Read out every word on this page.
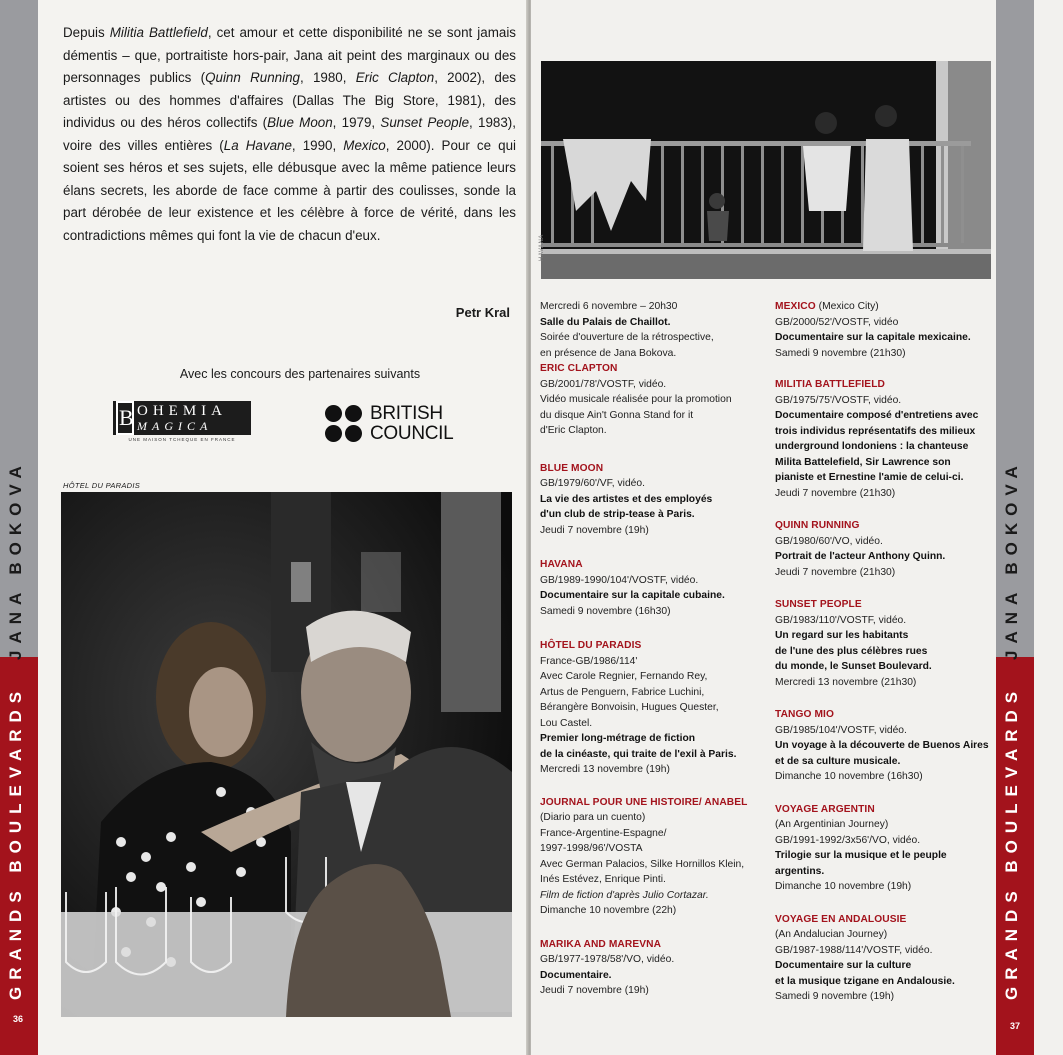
GRANDS BOULEVARDS
JANA BOKOVA
36
Depuis Militia Battlefield, cet amour et cette disponibilité ne se sont jamais démentis – que, portraitiste hors-pair, Jana ait peint des marginaux ou des personnages publics (Quinn Running, 1980, Eric Clapton, 2002), des artistes ou des hommes d'affaires (Dallas The Big Store, 1981), des individus ou des héros collectifs (Blue Moon, 1979, Sunset People, 1983), voire des villes entières (La Havane, 1990, Mexico, 2000). Pour ce qui soient ses héros et ses sujets, elle débusque avec la même patience leurs élans secrets, les aborde de face comme à partir des coulisses, sonde la part dérobée de leur existence et les célèbre à force de vérité, dans les contradictions mêmes qui font la vie de chacun d'eux.
Petr Kral
Avec les concours des partenaires suivants
B OHEMIA
MAGICA
UNE MAISON TCHEQUE EN FRANCE
BRITISH
COUNCIL
HÔTEL DU PARADIS
GRANDS BOULEVARDS
JANA BOKOVA
37
HAVANA
Mercredi 6 novembre – 20h30
Salle du Palais de Chaillot.
Soirée d'ouverture de la rétrospective,
en présence de Jana Bokova.
ERIC CLAPTON
GB/2001/78'/VOSTF, vidéo.
Vidéo musicale réalisée pour la promotion
du disque Ain't Gonna Stand for it
d'Eric Clapton.
BLUE MOON
GB/1979/60'/VF, vidéo.
La vie des artistes et des employés
d'un club de strip-tease à Paris.
Jeudi 7 novembre (19h)
HAVANA
GB/1989-1990/104'/VOSTF, vidéo.
Documentaire sur la capitale cubaine.
Samedi 9 novembre (16h30)
HÔTEL DU PARADIS
France-GB/1986/114'
Avec Carole Regnier, Fernando Rey,
Artus de Penguern, Fabrice Luchini,
Bérangère Bonvoisin, Hugues Quester,
Lou Castel.
Premier long-métrage de fiction
de la cinéaste, qui traite de l'exil à Paris.
Mercredi 13 novembre (19h)
JOURNAL POUR UNE HISTOIRE/ ANABEL
(Diario para un cuento)
France-Argentine-Espagne/
1997-1998/96'/VOSTA
Avec German Palacios, Silke Hornillos Klein,
Inés Estévez, Enrique Pinti.
Film de fiction d'après Julio Cortazar.
Dimanche 10 novembre (22h)
MARIKA AND MAREVNA
GB/1977-1978/58'/VO, vidéo.
Documentaire.
Jeudi 7 novembre (19h)
MEXICO (Mexico City)
GB/2000/52'/VOSTF, vidéo
Documentaire sur la capitale mexicaine.
Samedi 9 novembre (21h30)
MILITIA BATTLEFIELD
GB/1975/75'/VOSTF, vidéo.
Documentaire composé d'entretiens avec
trois individus représentatifs des milieux
underground londoniens : la chanteuse
Milita Battelefield, Sir Lawrence son
pianiste et Ernestine l'amie de celui-ci.
Jeudi 7 novembre (21h30)
QUINN RUNNING
GB/1980/60'/VO, vidéo.
Portrait de l'acteur Anthony Quinn.
Jeudi 7 novembre (21h30)
SUNSET PEOPLE
GB/1983/110'/VOSTF, vidéo.
Un regard sur les habitants
de l'une des plus célèbres rues
du monde, le Sunset Boulevard.
Mercredi 13 novembre (21h30)
TANGO MIO
GB/1985/104'/VOSTF, vidéo.
Un voyage à la découverte de Buenos Aires
et de sa culture musicale.
Dimanche 10 novembre (16h30)
VOYAGE ARGENTIN
(An Argentinian Journey)
GB/1991-1992/3x56'/VO, vidéo.
Trilogie sur la musique et le peuple
argentins.
Dimanche 10 novembre (19h)
VOYAGE EN ANDALOUSIE
(An Andalucian Journey)
GB/1987-1988/114'/VOSTF, vidéo.
Documentaire sur la culture
et la musique tzigane en Andalousie.
Samedi 9 novembre (19h)
